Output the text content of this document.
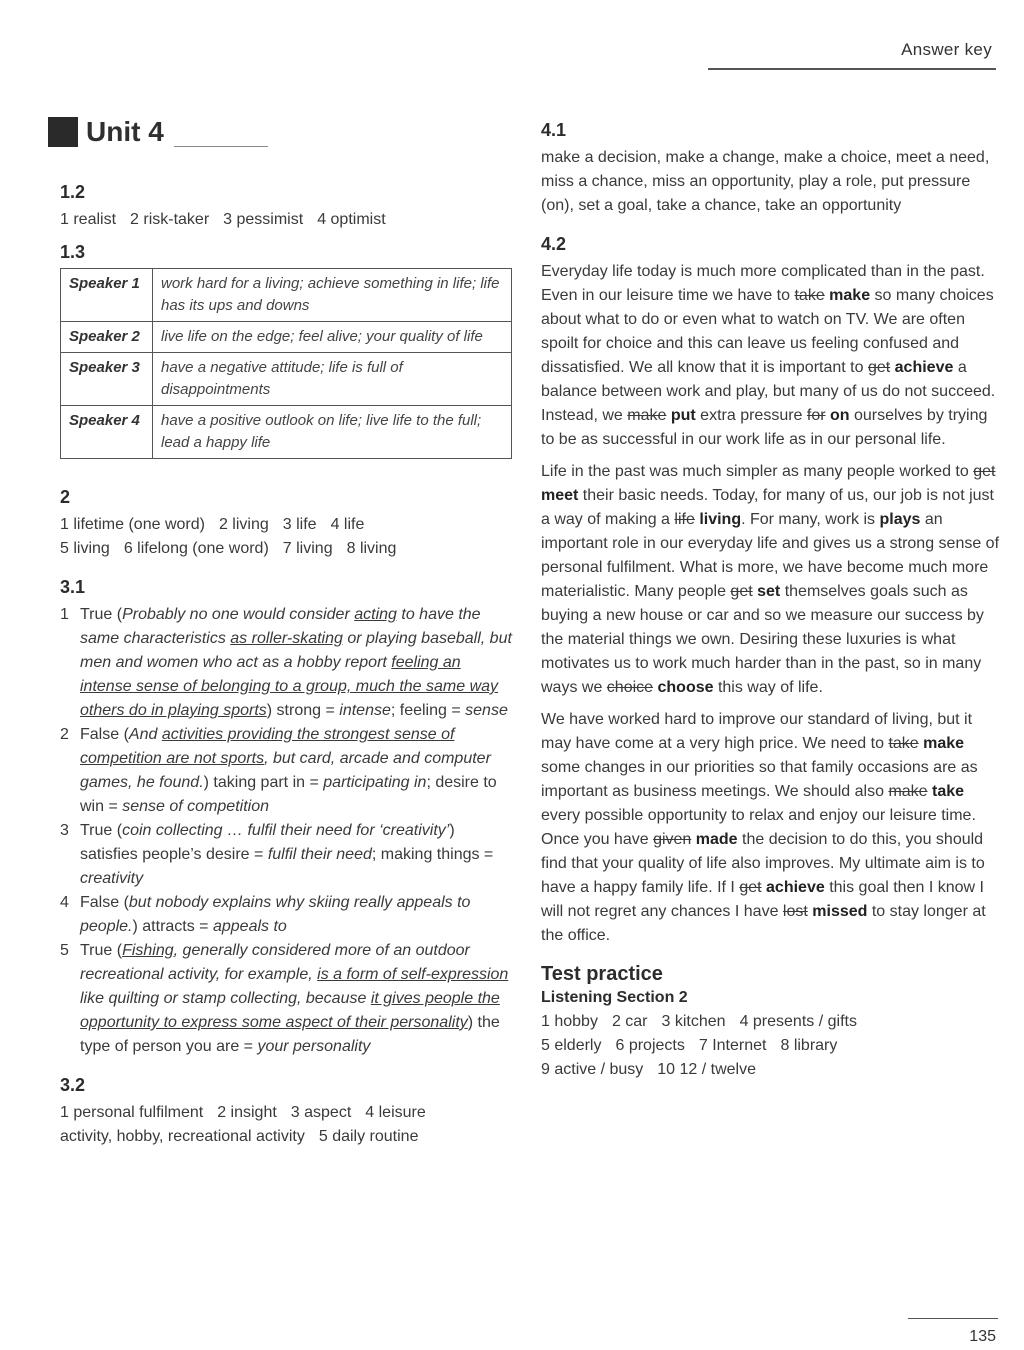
Answer key
Unit 4
1.2
1 realist 2 risk-taker 3 pessimist 4 optimist
1.3
Speaker 1	work hard for a living; achieve something in life; life has its ups and downs
Speaker 2	live life on the edge; feel alive; your quality of life
Speaker 3	have a negative attitude; life is full of disappointments
Speaker 4	have a positive outlook on life; live life to the full; lead a happy life
2
1 lifetime (one word) 2 living 3 life 4 life
5 living 6 lifelong (one word) 7 living 8 living
3.1
1 True (Probably no one would consider acting to have the same characteristics as roller-skating or playing baseball, but men and women who act as a hobby report feeling an intense sense of belonging to a group, much the same way others do in playing sports) strong = intense; feeling = sense
2 False (And activities providing the strongest sense of competition are not sports, but card, arcade and computer games, he found.) taking part in = participating in; desire to win = sense of competition
3 True (coin collecting … fulfil their need for ‘creativity’) satisfies people’s desire = fulfil their need; making things = creativity
4 False (but nobody explains why skiing really appeals to people.) attracts = appeals to
5 True (Fishing, generally considered more of an outdoor recreational activity, for example, is a form of self-expression like quilting or stamp collecting, because it gives people the opportunity to express some aspect of their personality) the type of person you are = your personality
3.2
1 personal fulfilment 2 insight 3 aspect 4 leisure
activity, hobby, recreational activity 5 daily routine
4.1
make a decision, make a change, make a choice, meet a need, miss a chance, miss an opportunity, play a role, put pressure (on), set a goal, take a chance, take an opportunity
4.2
Everyday life today is much more complicated than in the past. Even in our leisure time we have to take make so many choices about what to do or even what to watch on TV. We are often spoilt for choice and this can leave us feeling confused and dissatisfied. We all know that it is important to get achieve a balance between work and play, but many of us do not succeed. Instead, we make put extra pressure for on ourselves by trying to be as successful in our work life as in our personal life.
Life in the past was much simpler as many people worked to get meet their basic needs. Today, for many of us, our job is not just a way of making a life living. For many, work is plays an important role in our everyday life and gives us a strong sense of personal fulfilment. What is more, we have become much more materialistic. Many people get set themselves goals such as buying a new house or car and so we measure our success by the material things we own. Desiring these luxuries is what motivates us to work much harder than in the past, so in many ways we choice choose this way of life.
We have worked hard to improve our standard of living, but it may have come at a very high price. We need to take make some changes in our priorities so that family occasions are as important as business meetings. We should also make take every possible opportunity to relax and enjoy our leisure time. Once you have given made the decision to do this, you should find that your quality of life also improves. My ultimate aim is to have a happy family life. If I get achieve this goal then I know I will not regret any chances I have lost missed to stay longer at the office.
Test practice
Listening Section 2
1 hobby 2 car 3 kitchen 4 presents / gifts
5 elderly 6 projects 7 Internet 8 library
9 active / busy 10 12 / twelve
135
